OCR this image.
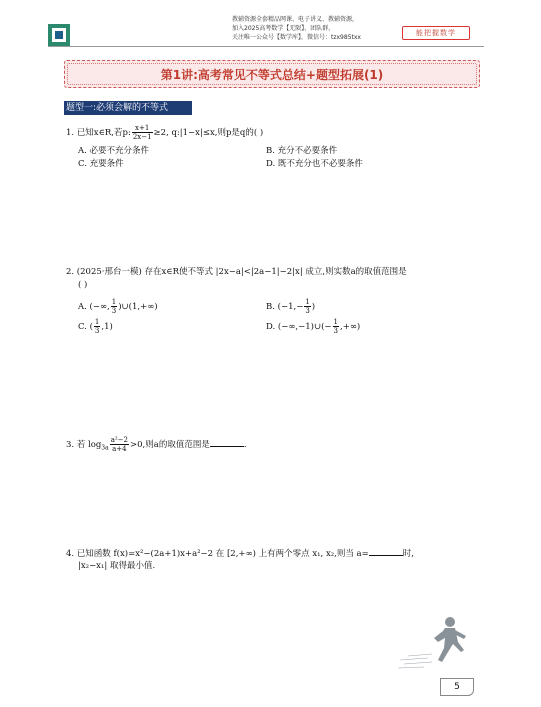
教辅资源全套精品网课、电子讲义、教辅资源，
加入2025高考数学【无限】、团队群、
关注唯一公众号【数学库】，微信号：tzx985txx
能把握数学
第1讲:高考常见不等式总结+题型拓展(1)
题型一:必须会解的不等式
1. 已知x∈R,若p: $\frac{x+1}{2x-1} \ge 2$, q:|1−x|≤x,则p是q的( )
A. 必要不充分条件	B. 充分不必要条件
C. 充要条件	D. 既不充分也不必要条件
2. (2025·邢台一模) 存在x∈R使不等式 |2x−a|<|2a−1|−2|x| 成立,则实数a的取值范围是
( )
A. (−∞, $\frac{1}{3}$ )∪(1,+∞)	B. ($-1,- \frac{1}{3}$ )
C. ( $\frac{1}{3} ,1$)	D. (−∞,−1)∪(− $\frac{1}{3}$ ,+∞)
3. 若 $\log_{3a} \frac{\text{a²−2}}{a+4} >0$,则a的取值范围是	.
4. 已知函数 f(x)=x²−(2a+1)x+a²−2 在 [2,+∞) 上有两个零点 x₁, x₂,则当 a=	时,
|x₂−x₁| 取得最小值.
5
